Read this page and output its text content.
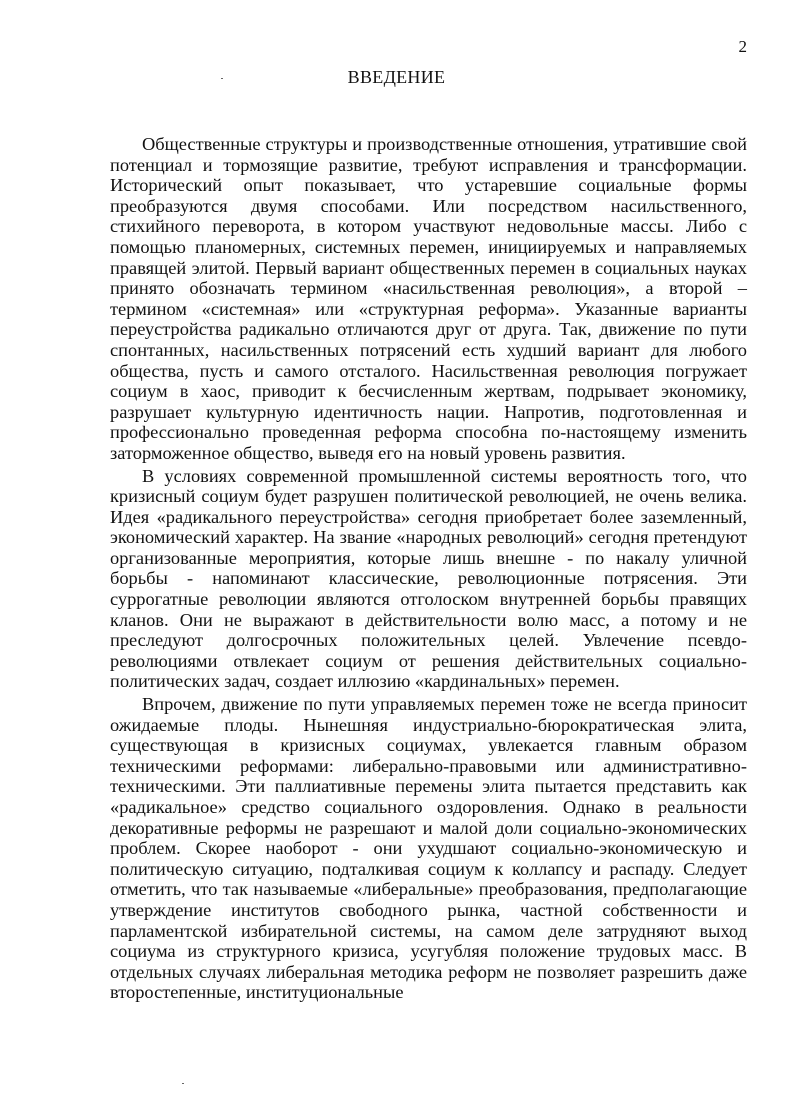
2
ВВЕДЕНИЕ

Общественные структуры и производственные отношения, утратившие свой потенциал и тормозящие развитие, требуют исправления и трансформации. Исторический опыт показывает, что устаревшие социальные формы преобразуются двумя способами. Или посредством насильственного, стихийного переворота, в котором участвуют недовольные массы. Либо с помощью планомерных, системных перемен, инициируемых и направляемых правящей элитой. Первый вариант общественных перемен в социальных науках принято обозначать термином «насильственная революция», а второй – термином «системная» или «структурная реформа». Указанные варианты переустройства радикально отличаются друг от друга. Так, движение по пути спонтанных, насильственных потрясений есть худший вариант для любого общества, пусть и самого отсталого. Насильственная революция погружает социум в хаос, приводит к бесчисленным жертвам, подрывает экономику, разрушает культурную идентичность нации. Напротив, подготовленная и профессионально проведенная реформа способна по-настоящему изменить заторможенное общество, выведя его на новый уровень развития.

В условиях современной промышленной системы вероятность того, что кризисный социум будет разрушен политической революцией, не очень велика. Идея «радикального переустройства» сегодня приобретает более заземленный, экономический характер. На звание «народных революций» сегодня претендуют организованные мероприятия, которые лишь внешне - по накалу уличной борьбы - напоминают классические, революционные потрясения. Эти суррогатные революции являются отголоском внутренней борьбы правящих кланов. Они не выражают в действительности волю масс, а потому и не преследуют долгосрочных положительных целей. Увлечение псевдо-революциями отвлекает социум от решения действительных социально-политических задач, создает иллюзию «кардинальных» перемен.

Впрочем, движение по пути управляемых перемен тоже не всегда приносит ожидаемые плоды. Нынешняя индустриально-бюрократическая элита, существующая в кризисных социумах, увлекается главным образом техническими реформами: либерально-правовыми или административно-техническими. Эти паллиативные перемены элита пытается представить как «радикальное» средство социального оздоровления. Однако в реальности декоративные реформы не разрешают и малой доли социально-экономических проблем. Скорее наоборот - они ухудшают социально-экономическую и политическую ситуацию, подталкивая социум к коллапсу и распаду. Следует отметить, что так называемые «либеральные» преобразования, предполагающие утверждение институтов свободного рынка, частной собственности и парламентской избирательной системы, на самом деле затрудняют выход социума из структурного кризиса, усугубляя положение трудовых масс. В отдельных случаях либеральная методика реформ не позволяет разрешить даже второстепенные, институциональные
